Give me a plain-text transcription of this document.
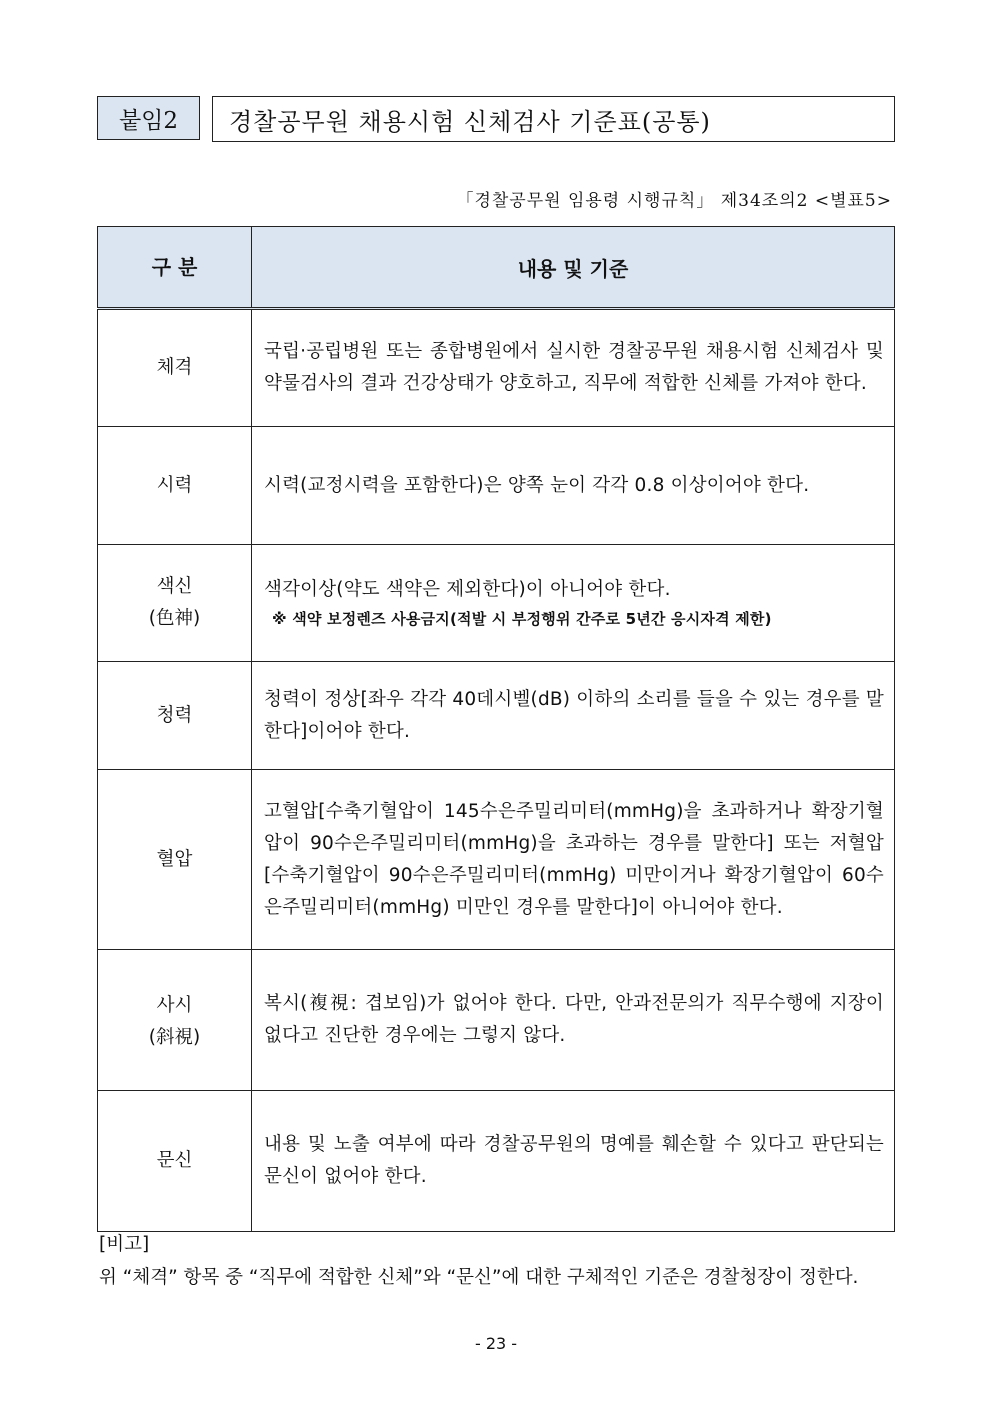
붙임2	경찰공무원 채용시험 신체검사 기준표(공통)
「경찰공무원 임용령 시행규칙」 제34조의2 <별표5>
구 분	내용 및 기준
체격	국립·공립병원 또는 종합병원에서 실시한 경찰공무원 채용시험 신체검사 및 약물검사의 결과 건강상태가 양호하고, 직무에 적합한 신체를 가져야 한다.
시력	시력(교정시력을 포함한다)은 양쪽 눈이 각각 0.8 이상이어야 한다.
색신
(色神)	색각이상(약도 색약은 제외한다)이 아니어야 한다.
※ 색약 보정렌즈 사용금지(적발 시 부정행위 간주로 5년간 응시자격 제한)

청력	청력이 정상[좌우 각각 40데시벨(dB) 이하의 소리를 들을 수 있는 경우를 말한다]이어야 한다.
혈압	고혈압[수축기혈압이 145수은주밀리미터(mmHg)을 초과하거나 확장기혈압이 90수은주밀리미터(mmHg)을 초과하는 경우를 말한다] 또는 저혈압[수축기혈압이 90수은주밀리미터(mmHg) 미만이거나 확장기혈압이 60수은주밀리미터(mmHg) 미만인 경우를 말한다]이 아니어야 한다.
사시
(斜視)	복시(複視: 겹보임)가 없어야 한다. 다만, 안과전문의가 직무수행에 지장이 없다고 진단한 경우에는 그렇지 않다.
문신	내용 및 노출 여부에 따라 경찰공무원의 명예를 훼손할 수 있다고 판단되는 문신이 없어야 한다.
[비고]
위 “체격” 항목 중 “직무에 적합한 신체”와 “문신”에 대한 구체적인 기준은 경찰청장이 정한다.
- 23 -
